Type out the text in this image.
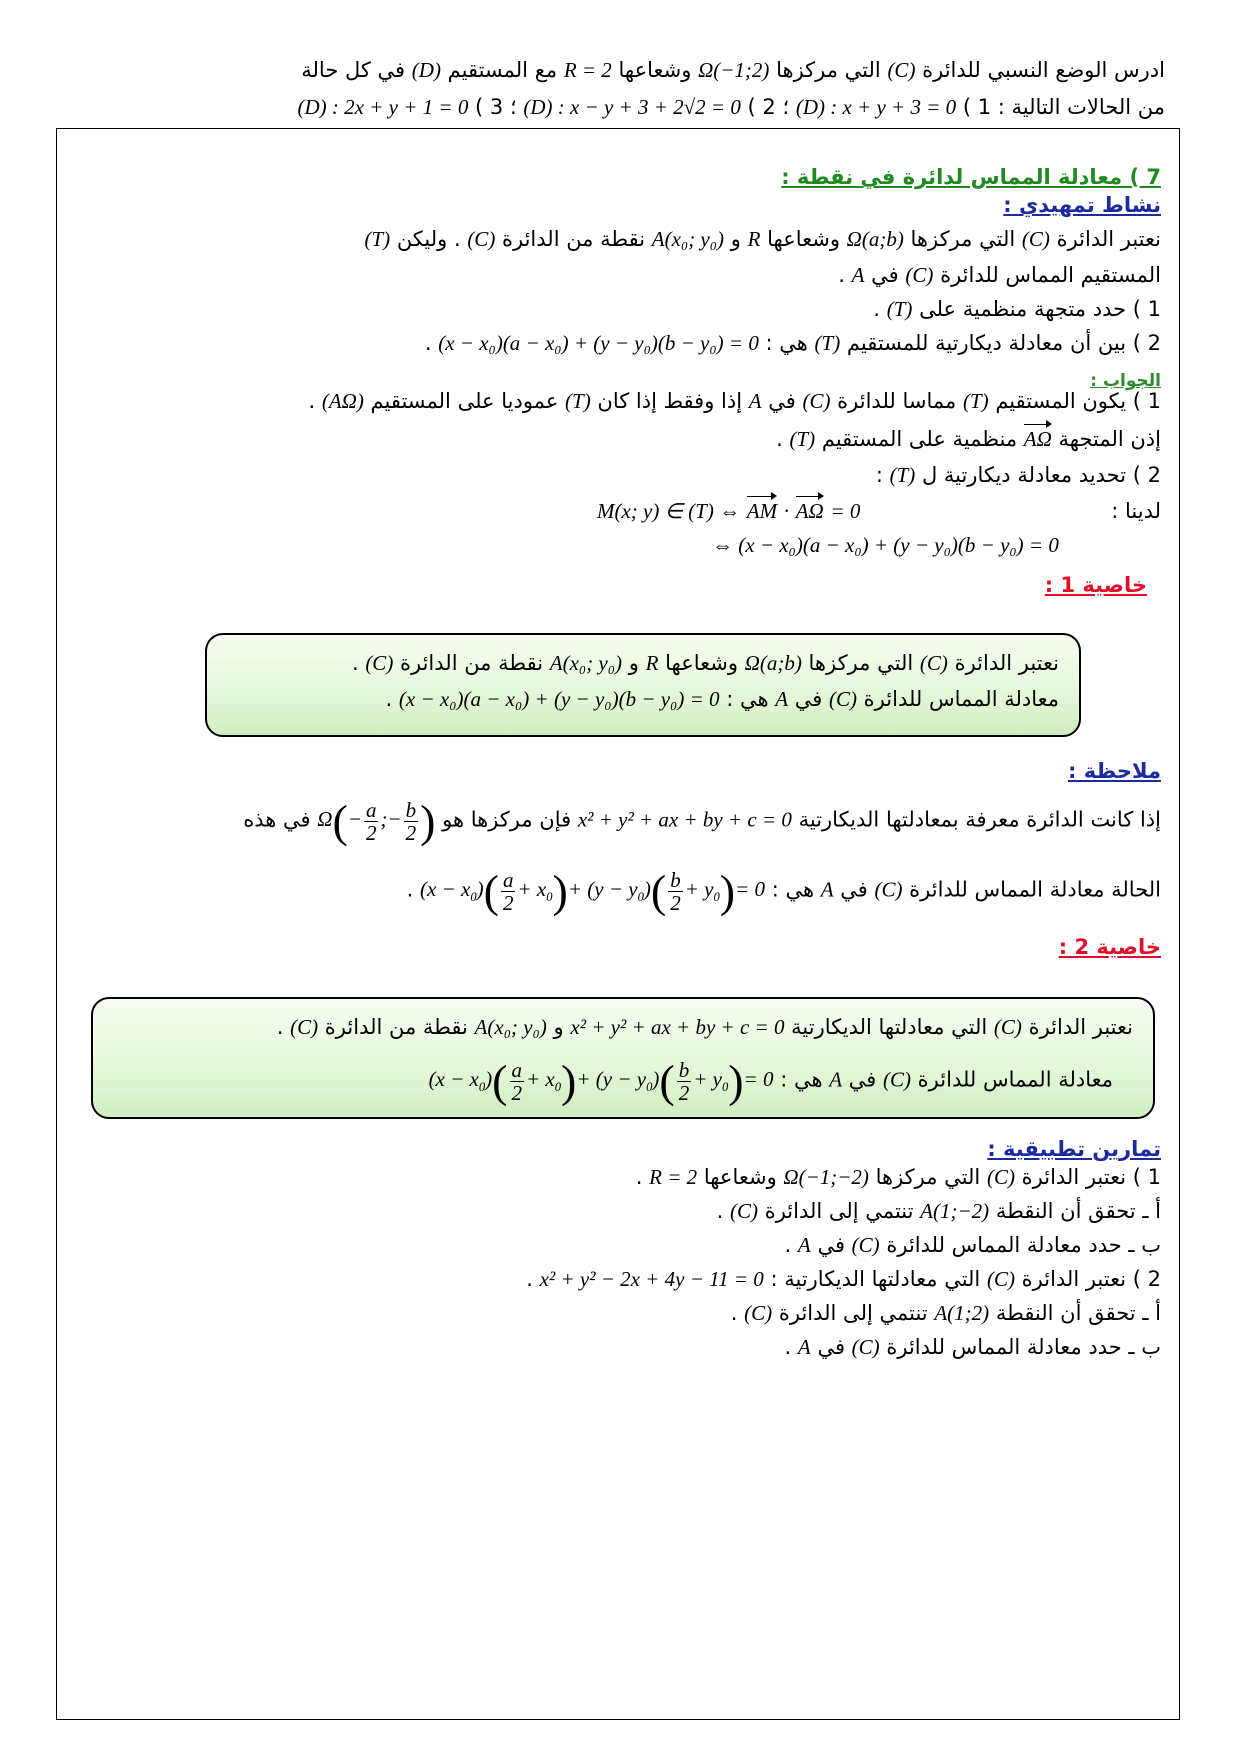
ادرس الوضع النسبي للدائرة (C) التي مركزها Ω(−1;2) وشعاعها R = 2 مع المستقيم (D) في كل حالة
من الحالات التالية : 1 ) (D) : x + y + 3 = 0 ؛ 2 ) (D) : x − y + 3 + 2√2 = 0 ؛ 3 ) (D) : 2x + y + 1 = 0
7 ) معادلة المماس لدائرة في نقطة :
نشاط تمهيدي :
نعتبر الدائرة (C) التي مركزها Ω(a;b) وشعاعها R و A(x₀; y₀) نقطة من الدائرة (C) . وليكن (T)
المستقيم المماس للدائرة (C) في A .
1 ) حدد متجهة منظمية على (T) .
2 ) بين أن معادلة ديكارتية للمستقيم (T) هي : (x − x₀)(a − x₀) + (y − y₀)(b − y₀) = 0 .
الجواب :
1 ) يكون المستقيم (T) مماسا للدائرة (C) في A إذا وفقط إذا كان (T) عموديا على المستقيم (AΩ) .
إذن المتجهة AΩ منظمية على المستقيم (T) .
2 ) تحديد معادلة ديكارتية ل (T) :
لدينا :
M(x; y) ∈ (T) ⇔ AM · AΩ = 0
⇔ (x − x₀)(a − x₀) + (y − y₀)(b − y₀) = 0
خاصية 1 :
نعتبر الدائرة (C) التي مركزها Ω(a;b) وشعاعها R و A(x₀; y₀) نقطة من الدائرة (C) .
معادلة المماس للدائرة (C) في A هي : (x − x₀)(a − x₀) + (y − y₀)(b − y₀) = 0 .
ملاحظة :
إذا كانت الدائرة معرفة بمعادلتها الديكارتية x² + y² + ax + by + c = 0 فإن مركزها هو $\Omega(- \frac{a}{2}$ ;− $\frac{b}{2}$ ) في هذه
الحالة معادلة المماس للدائرة (C) في A هي : $(x - x_0)( \frac{a}{2} + x_0)+ (y - y_0)( \frac{b}{2} + y_0)= 0$ .
خاصية 2 :
نعتبر الدائرة (C) التي معادلتها الديكارتية x² + y² + ax + by + c = 0 و A(x₀; y₀) نقطة من الدائرة (C) .
معادلة المماس للدائرة (C) في A هي : $(x - x_0)( \frac{a}{2} + x_0)+ (y - y_0)( \frac{b}{2} + y_0)= 0$
تمارين تطبيقية :
1 ) نعتبر الدائرة (C) التي مركزها Ω(−1;−2) وشعاعها R = 2 .
أ ـ تحقق أن النقطة A(1;−2) تنتمي إلى الدائرة (C) .
ب ـ حدد معادلة المماس للدائرة (C) في A .
2 ) نعتبر الدائرة (C) التي معادلتها الديكارتية : x² + y² − 2x + 4y − 11 = 0 .
أ ـ تحقق أن النقطة A(1;2) تنتمي إلى الدائرة (C) .
ب ـ حدد معادلة المماس للدائرة (C) في A .
